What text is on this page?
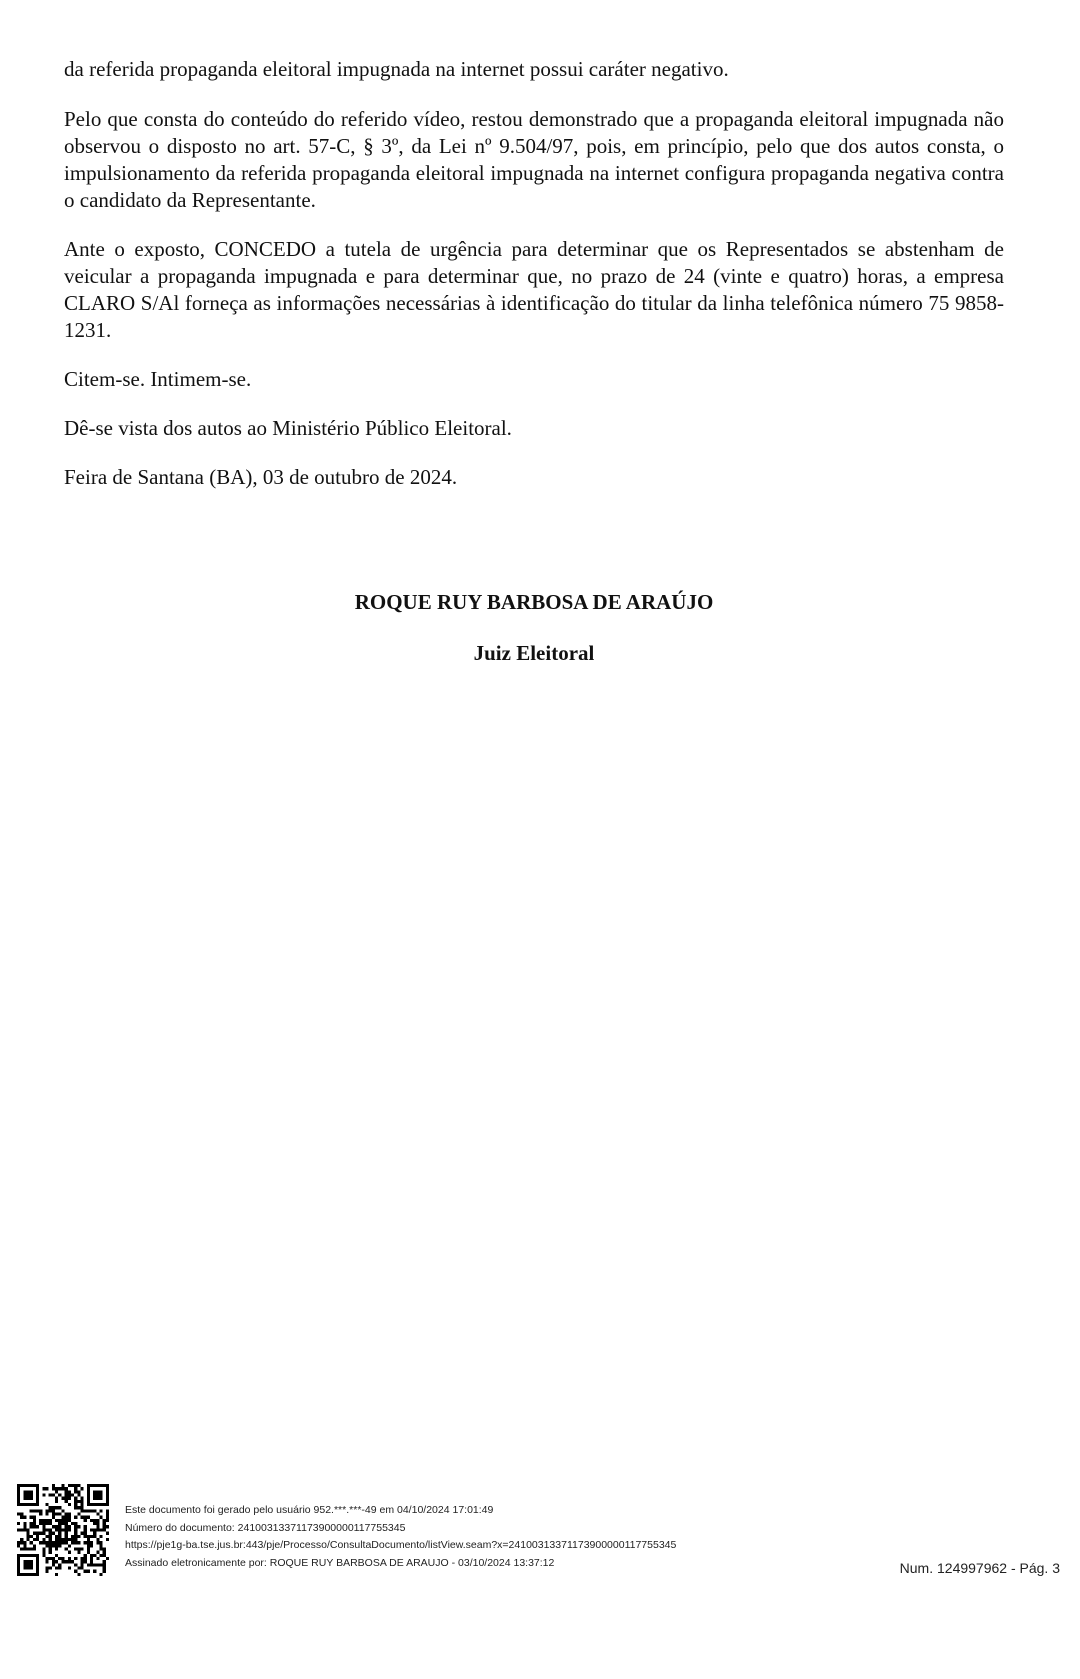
da referida propaganda eleitoral impugnada na internet possui caráter negativo.

Pelo que consta do conteúdo do referido vídeo, restou demonstrado que a propaganda eleitoral impugnada não observou o disposto no art. 57-C, § 3º, da Lei nº 9.504/97, pois, em princípio, pelo que dos autos consta, o impulsionamento da referida propaganda eleitoral impugnada na internet configura propaganda negativa contra o candidato da Representante.

Ante o exposto, CONCEDO a tutela de urgência para determinar que os Representados se abstenham de veicular a propaganda impugnada e para determinar que, no prazo de 24 (vinte e quatro) horas, a empresa CLARO S/Al forneça as informações necessárias à identificação do titular da linha telefônica número 75 9858-1231.

Citem-se. Intimem-se.

Dê-se vista dos autos ao Ministério Público Eleitoral.

Feira de Santana (BA), 03 de outubro de 2024.

ROQUE RUY BARBOSA DE ARAÚJO
Juiz Eleitoral
Este documento foi gerado pelo usuário 952.***.***-49 em 04/10/2024 17:01:49
Número do documento: 24100313371173900000117755345
https://pje1g-ba.tse.jus.br:443/pje/Processo/ConsultaDocumento/listView.seam?x=24100313371173900000117755345
Assinado eletronicamente por: ROQUE RUY BARBOSA DE ARAUJO - 03/10/2024 13:37:12	Num. 124997962 - Pág. 3
